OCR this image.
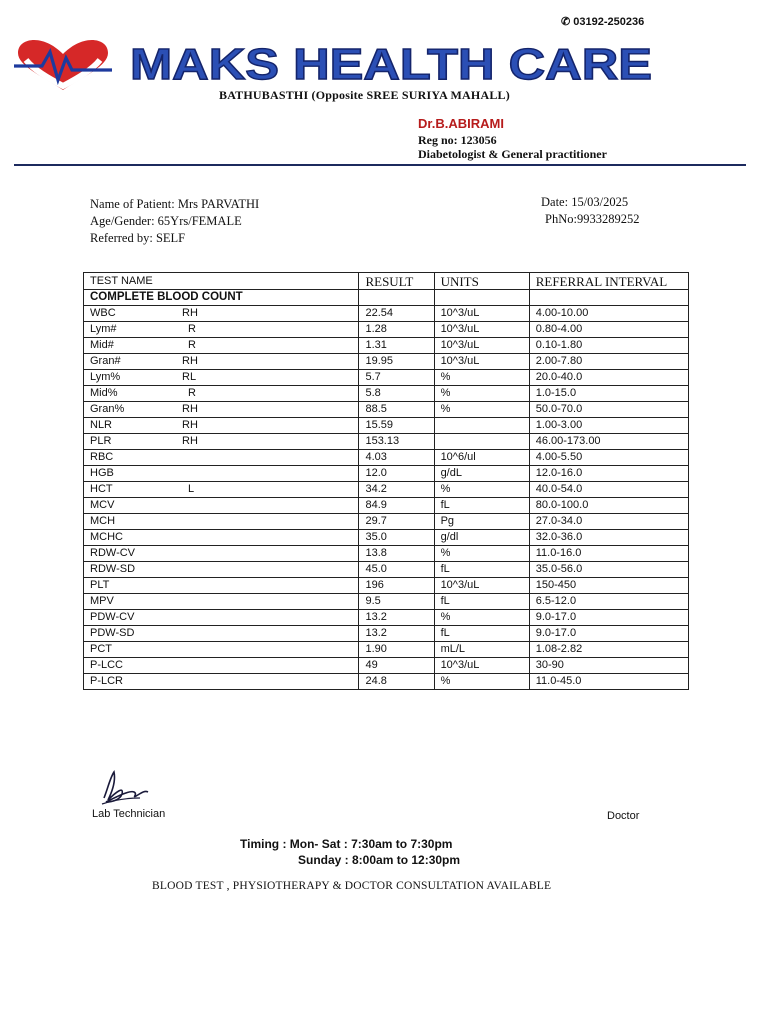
✆ 03192-250236
MAKS HEALTH CARE
BATHUBASTHI (Opposite SREE SURIYA MAHALL)
Dr.B.ABIRAMI
Reg no: 123056
Diabetologist & General practitioner
Name of Patient: Mrs PARVATHI
Age/Gender: 65Yrs/FEMALE
Referred by: SELF
Date: 15/03/2025
PhNo:9933289252
TEST NAME	RESULT	UNITS	REFERRAL INTERVAL
COMPLETE BLOOD COUNT			
WBC RH	22.54	10^3/uL	4.00-10.00
Lym# R	1.28	10^3/uL	0.80-4.00
Mid# R	1.31	10^3/uL	0.10-1.80
Gran# RH	19.95	10^3/uL	2.00-7.80
Lym% RL	5.7	%	20.0-40.0
Mid% R	5.8	%	1.0-15.0
Gran% RH	88.5	%	50.0-70.0
NLR RH	15.59		1.00-3.00
PLR RH	153.13		46.00-173.00
RBC	4.03	10^6/ul	4.00-5.50
HGB	12.0	g/dL	12.0-16.0
HCT L	34.2	%	40.0-54.0
MCV	84.9	fL	80.0-100.0
MCH	29.7	Pg	27.0-34.0
MCHC	35.0	g/dl	32.0-36.0
RDW-CV	13.8	%	11.0-16.0
RDW-SD	45.0	fL	35.0-56.0
PLT	196	10^3/uL	150-450
MPV	9.5	fL	6.5-12.0
PDW-CV	13.2	%	9.0-17.0
PDW-SD	13.2	fL	9.0-17.0
PCT	1.90	mL/L	1.08-2.82
P-LCC	49	10^3/uL	30-90
P-LCR	24.8	%	11.0-45.0
Lab Technician	Doctor
Timing : Mon- Sat : 7:30am to 7:30pm
Sunday : 8:00am to 12:30pm
BLOOD TEST , PHYSIOTHERAPY & DOCTOR CONSULTATION AVAILABLE
